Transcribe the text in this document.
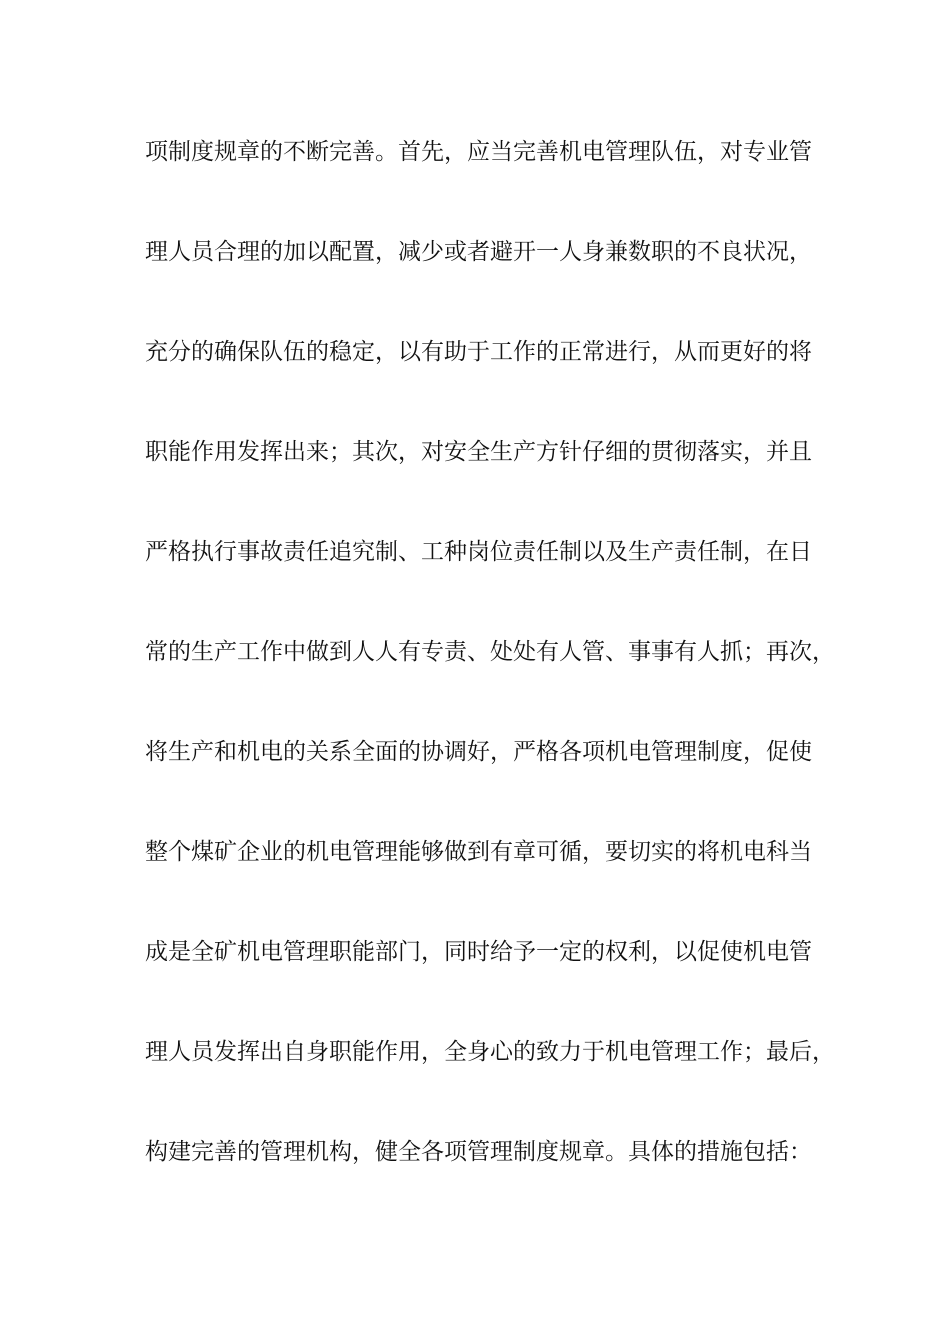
项制度规章的不断完善。首先，应当完善机电管理队伍，对专业管
理人员合理的加以配置，减少或者避开一人身兼数职的不良状况，
充分的确保队伍的稳定，以有助于工作的正常进行，从而更好的将
职能作用发挥出来；其次，对安全生产方针仔细的贯彻落实，并且
严格执行事故责任追究制、工种岗位责任制以及生产责任制，在日
常的生产工作中做到人人有专责、处处有人管、事事有人抓；再次，
将生产和机电的关系全面的协调好，严格各项机电管理制度，促使
整个煤矿企业的机电管理能够做到有章可循，要切实的将机电科当
成是全矿机电管理职能部门，同时给予一定的权利，以促使机电管
理人员发挥出自身职能作用，全身心的致力于机电管理工作；最后，
构建完善的管理机构，健全各项管理制度规章。具体的措施包括：
